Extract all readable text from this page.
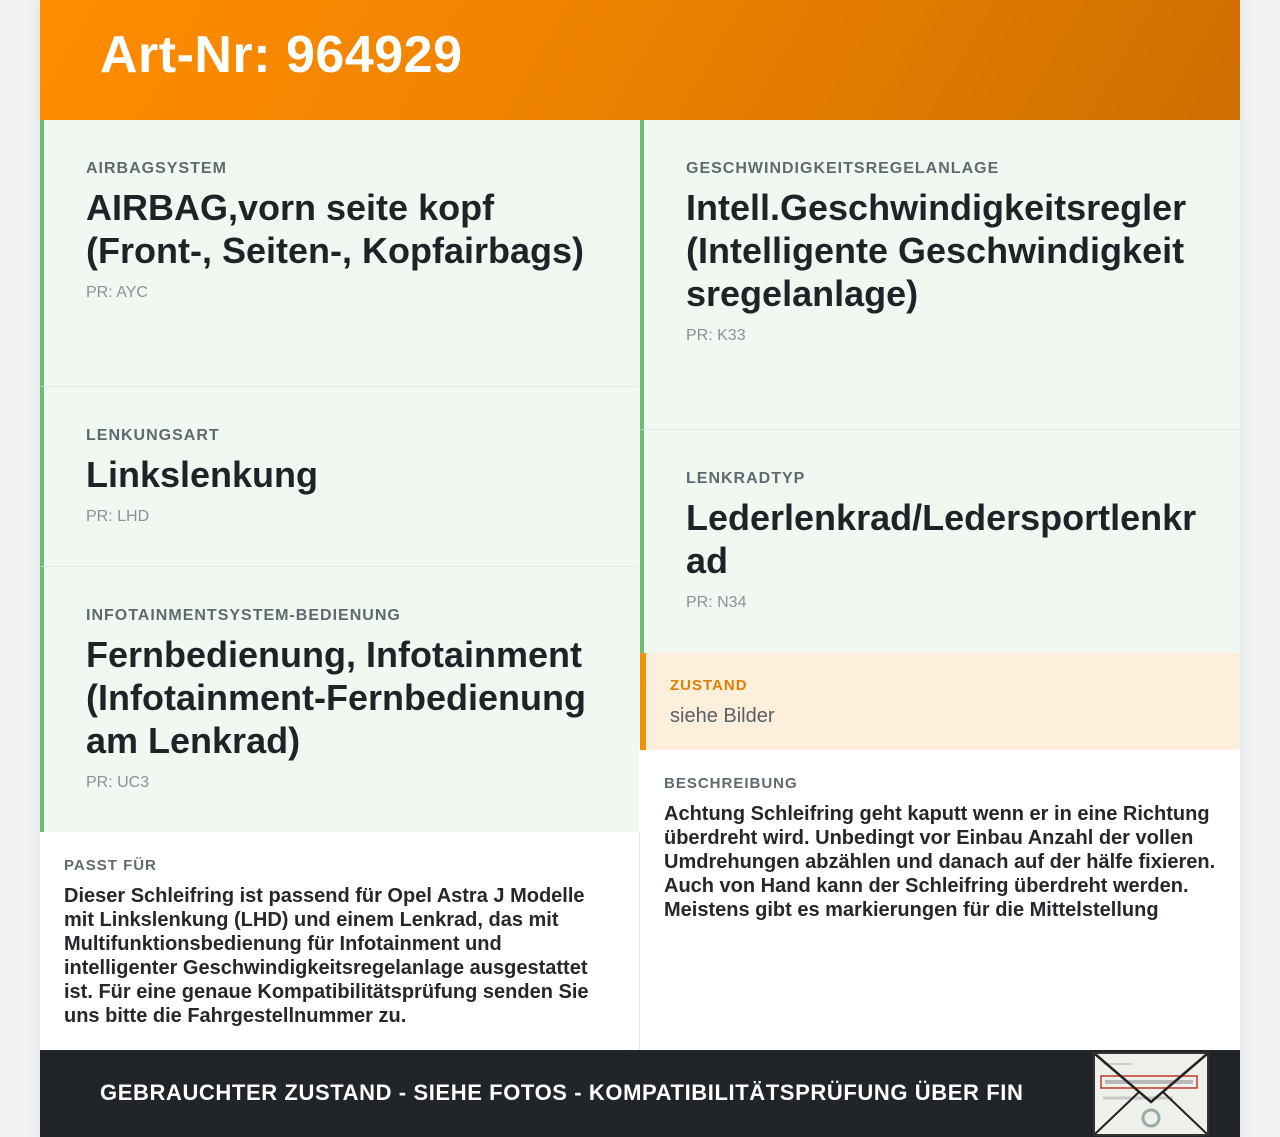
Art-Nr: 964929
AIRBAGSYSTEM
AIRBAG,vorn seite kopf (Front-, Seiten-, Kopfairbags)
PR: AYC
LENKUNGSART
Linkslenkung
PR: LHD
INFOTAINMENTSYSTEM-BEDIENUNG
Fernbedienung, Infotainment (Infotainment-Fernbedienung am Lenkrad)
PR: UC3
GESCHWINDIGKEITSREGELANLAGE
Intell.Geschwindigkeitsregler (Intelligente Geschwindigkeitsregelanlage)
PR: K33
LENKRADTYP
Lederlenkrad/Ledersportlenkrad
PR: N34
ZUSTAND
siehe Bilder
PASST FÜR
Dieser Schleifring ist passend für Opel Astra J Modelle mit Linkslenkung (LHD) und einem Lenkrad, das mit Multifunktionsbedienung für Infotainment und intelligenter Geschwindigkeitsregelanlage ausgestattet ist. Für eine genaue Kompatibilitätsprüfung senden Sie uns bitte die Fahrgestellnummer zu.
BESCHREIBUNG
Achtung Schleifring geht kaputt wenn er in eine Richtung überdreht wird. Unbedingt vor Einbau Anzahl der vollen Umdrehungen abzählen und danach auf der hälfe fixieren. Auch von Hand kann der Schleifring überdreht werden. Meistens gibt es markierungen für die Mittelstellung
GEBRAUCHTER ZUSTAND - SIEHE FOTOS - KOMPATIBILITÄTSPRÜFUNG ÜBER FIN
